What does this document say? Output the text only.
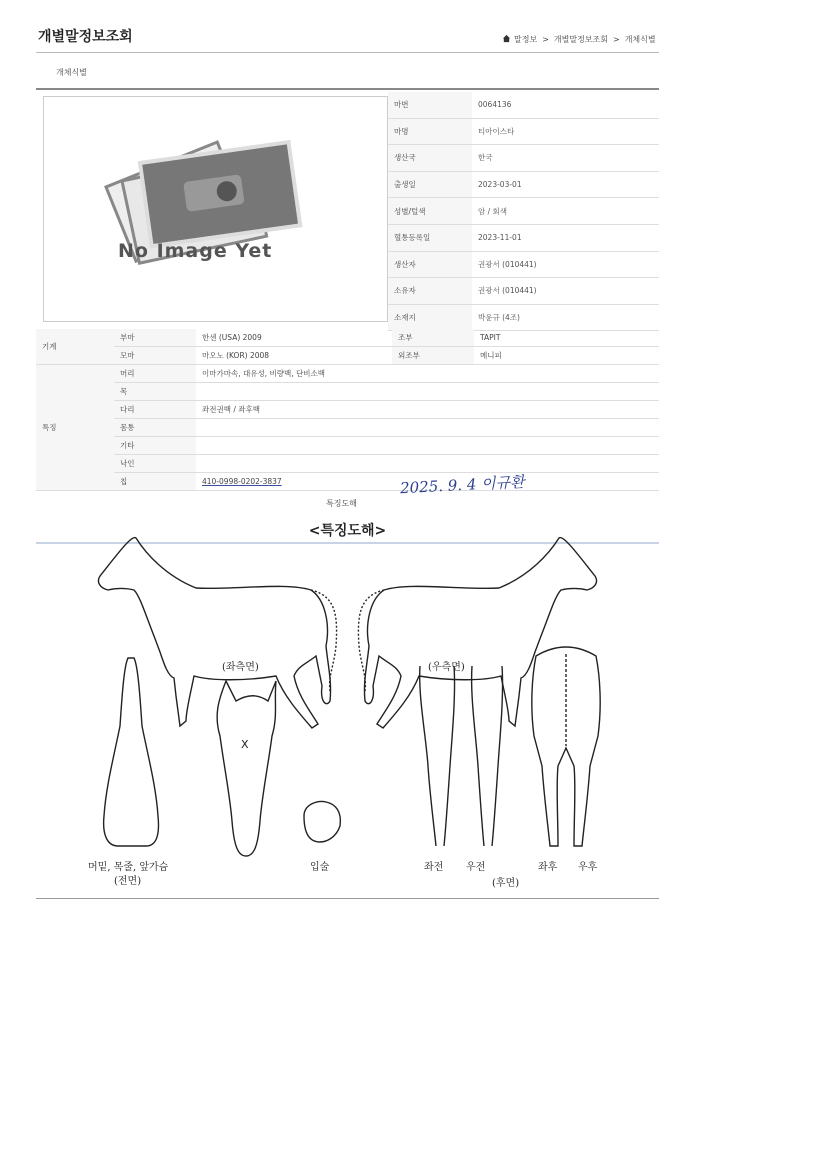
개별말정보조회	말정보 > 개별말정보조회 > 개체식별
개체식별
No Image Yet
마번	0064136
마명	티아이스타
생산국	한국
출생일	2023-03-01
성별/털색	암 / 회색
혈통등록일	2023-11-01
생산자	권광서 (010441)
소유자	권광서 (010441)
소재지	박윤규 (4조)
기계	부마	한센 (USA) 2009	조부	TAPIT
	모마	마오노 (KOR) 2008	외조부	메니피
특징	머리	이마가마속, 대유성, 비량백, 단비소백		
	목			
	다리	좌전권백 / 좌후백		
	몸통			
	기타			
	낙인			
	칩	410-0998-0202-3837			2025. 9. 4 이규환
특징도해
<특징도해>
X
(좌측면)	(우측면)
머밑, 목줄, 앞가슴
(전면)
입술	좌전 우전	좌후 우후
(후면)
